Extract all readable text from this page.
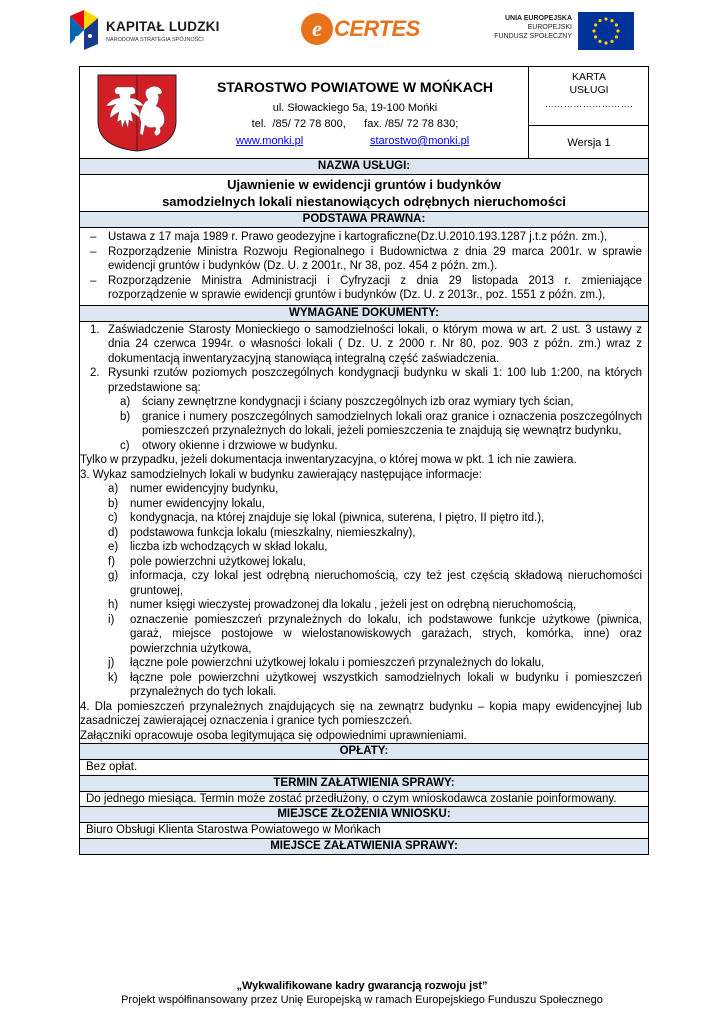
KAPITAŁ LUDZKI
NARODOWA STRATEGIA SPÓJNOŚCI	e CERTES	UNIA EUROPEJSKA
EUROPEJSKI
FUNDUSZ SPOŁECZNY
STAROSTWO POWIATOWE W MOŃKACH
ul. Słowackiego 5a, 19-100 Mońki
tel.  /85/ 72 78 800,      fax. /85/ 72 78 830;
www.monki.pl	starostwo@monki.pl
KARTA
USŁUGI
……………………….
Wersja 1
NAZWA USŁUGI:
Ujawnienie w ewidencji gruntów i budynków
samodzielnych lokali niestanowiących odrębnych nieruchomości
PODSTAWA PRAWNA:
– Ustawa z 17 maja 1989 r. Prawo geodezyjne i kartograficzne(Dz.U.2010.193.1287 j.t.z późn. zm.),
– Rozporządzenie Ministra Rozwoju Regionalnego i Budownictwa z dnia 29 marca 2001r. w sprawie ewidencji gruntów i budynków (Dz. U. z 2001r., Nr 38, poz. 454 z późn. zm.).
– Rozporządzenie Ministra Administracji i Cyfryzacji z dnia 29 listopada 2013 r. zmieniające rozporządzenie w sprawie ewidencji gruntów i budynków (Dz. U. z 2013r., poz. 1551 z późn. zm.),
WYMAGANE DOKUMENTY:
1. Zaświadczenie Starosty Monieckiego o samodzielności lokali, o którym mowa w art. 2 ust. 3 ustawy z dnia 24 czerwca 1994r. o własności lokali ( Dz. U. z 2000 r. Nr 80, poz. 903 z późn. zm.) wraz z dokumentacją inwentaryzacyjną stanowiącą integralną część zaświadczenia.
2. Rysunki rzutów poziomych poszczególnych kondygnacji budynku w skali 1: 100 lub 1:200, na których przedstawione są:
a) ściany zewnętrzne kondygnacji i ściany poszczególnych izb oraz wymiary tych ścian,
b) granice i numery poszczególnych samodzielnych lokali oraz granice i oznaczenia poszczególnych pomieszczeń przynależnych do lokali, jeżeli pomieszczenia te znajdują się wewnątrz budynku,
c) otwory okienne i drzwiowe w budynku.
Tylko w przypadku, jeżeli dokumentacja inwentaryzacyjna, o której mowa w pkt. 1 ich nie zawiera.
3. Wykaz samodzielnych lokali w budynku zawierający następujące informacje:
a) numer ewidencyjny budynku,
b) numer ewidencyjny lokalu,
c) kondygnacja, na której znajduje się lokal (piwnica, suterena, I piętro, II piętro itd.),
d) podstawowa funkcja lokalu (mieszkalny, niemieszkalny),
e) liczba izb wchodzących w skład lokalu,
f) pole powierzchni użytkowej lokalu,
g) informacja, czy lokal jest odrębną nieruchomością, czy też jest częścią składową nieruchomości gruntowej,
h) numer księgi wieczystej prowadzonej dla lokalu , jeżeli jest on odrębną nieruchomością,
i) oznaczenie pomieszczeń przynależnych do lokalu, ich podstawowe funkcje użytkowe (piwnica, garaż, miejsce postojowe w wielostanowiskowych garażach, strych, komórka, inne) oraz powierzchnia użytkowa,
j) łączne pole powierzchni użytkowej lokalu i pomieszczeń przynależnych do lokalu,
k) łączne pole powierzchni użytkowej wszystkich samodzielnych lokali w budynku i pomieszczeń przynależnych do tych lokali.
4. Dla pomieszczeń przynależnych znajdujących się na zewnątrz budynku – kopia mapy ewidencyjnej lub zasadniczej zawierającej oznaczenia i granice tych pomieszczeń.
Załączniki opracowuje osoba legitymująca się odpowiednimi uprawnieniami.
OPŁATY:
Bez opłat.
TERMIN ZAŁATWIENIA SPRAWY:
Do jednego miesiąca. Termin może zostać przedłużony, o czym wnioskodawca zostanie poinformowany.
MIEJSCE ZŁOŻENIA WNIOSKU:
Biuro Obsługi Klienta Starostwa Powiatowego w Mońkach
MIEJSCE ZAŁATWIENIA SPRAWY:
„Wykwalifikowane kadry gwarancją rozwoju jst”
Projekt współfinansowany przez Unię Europejską w ramach Europejskiego Funduszu Społecznego
